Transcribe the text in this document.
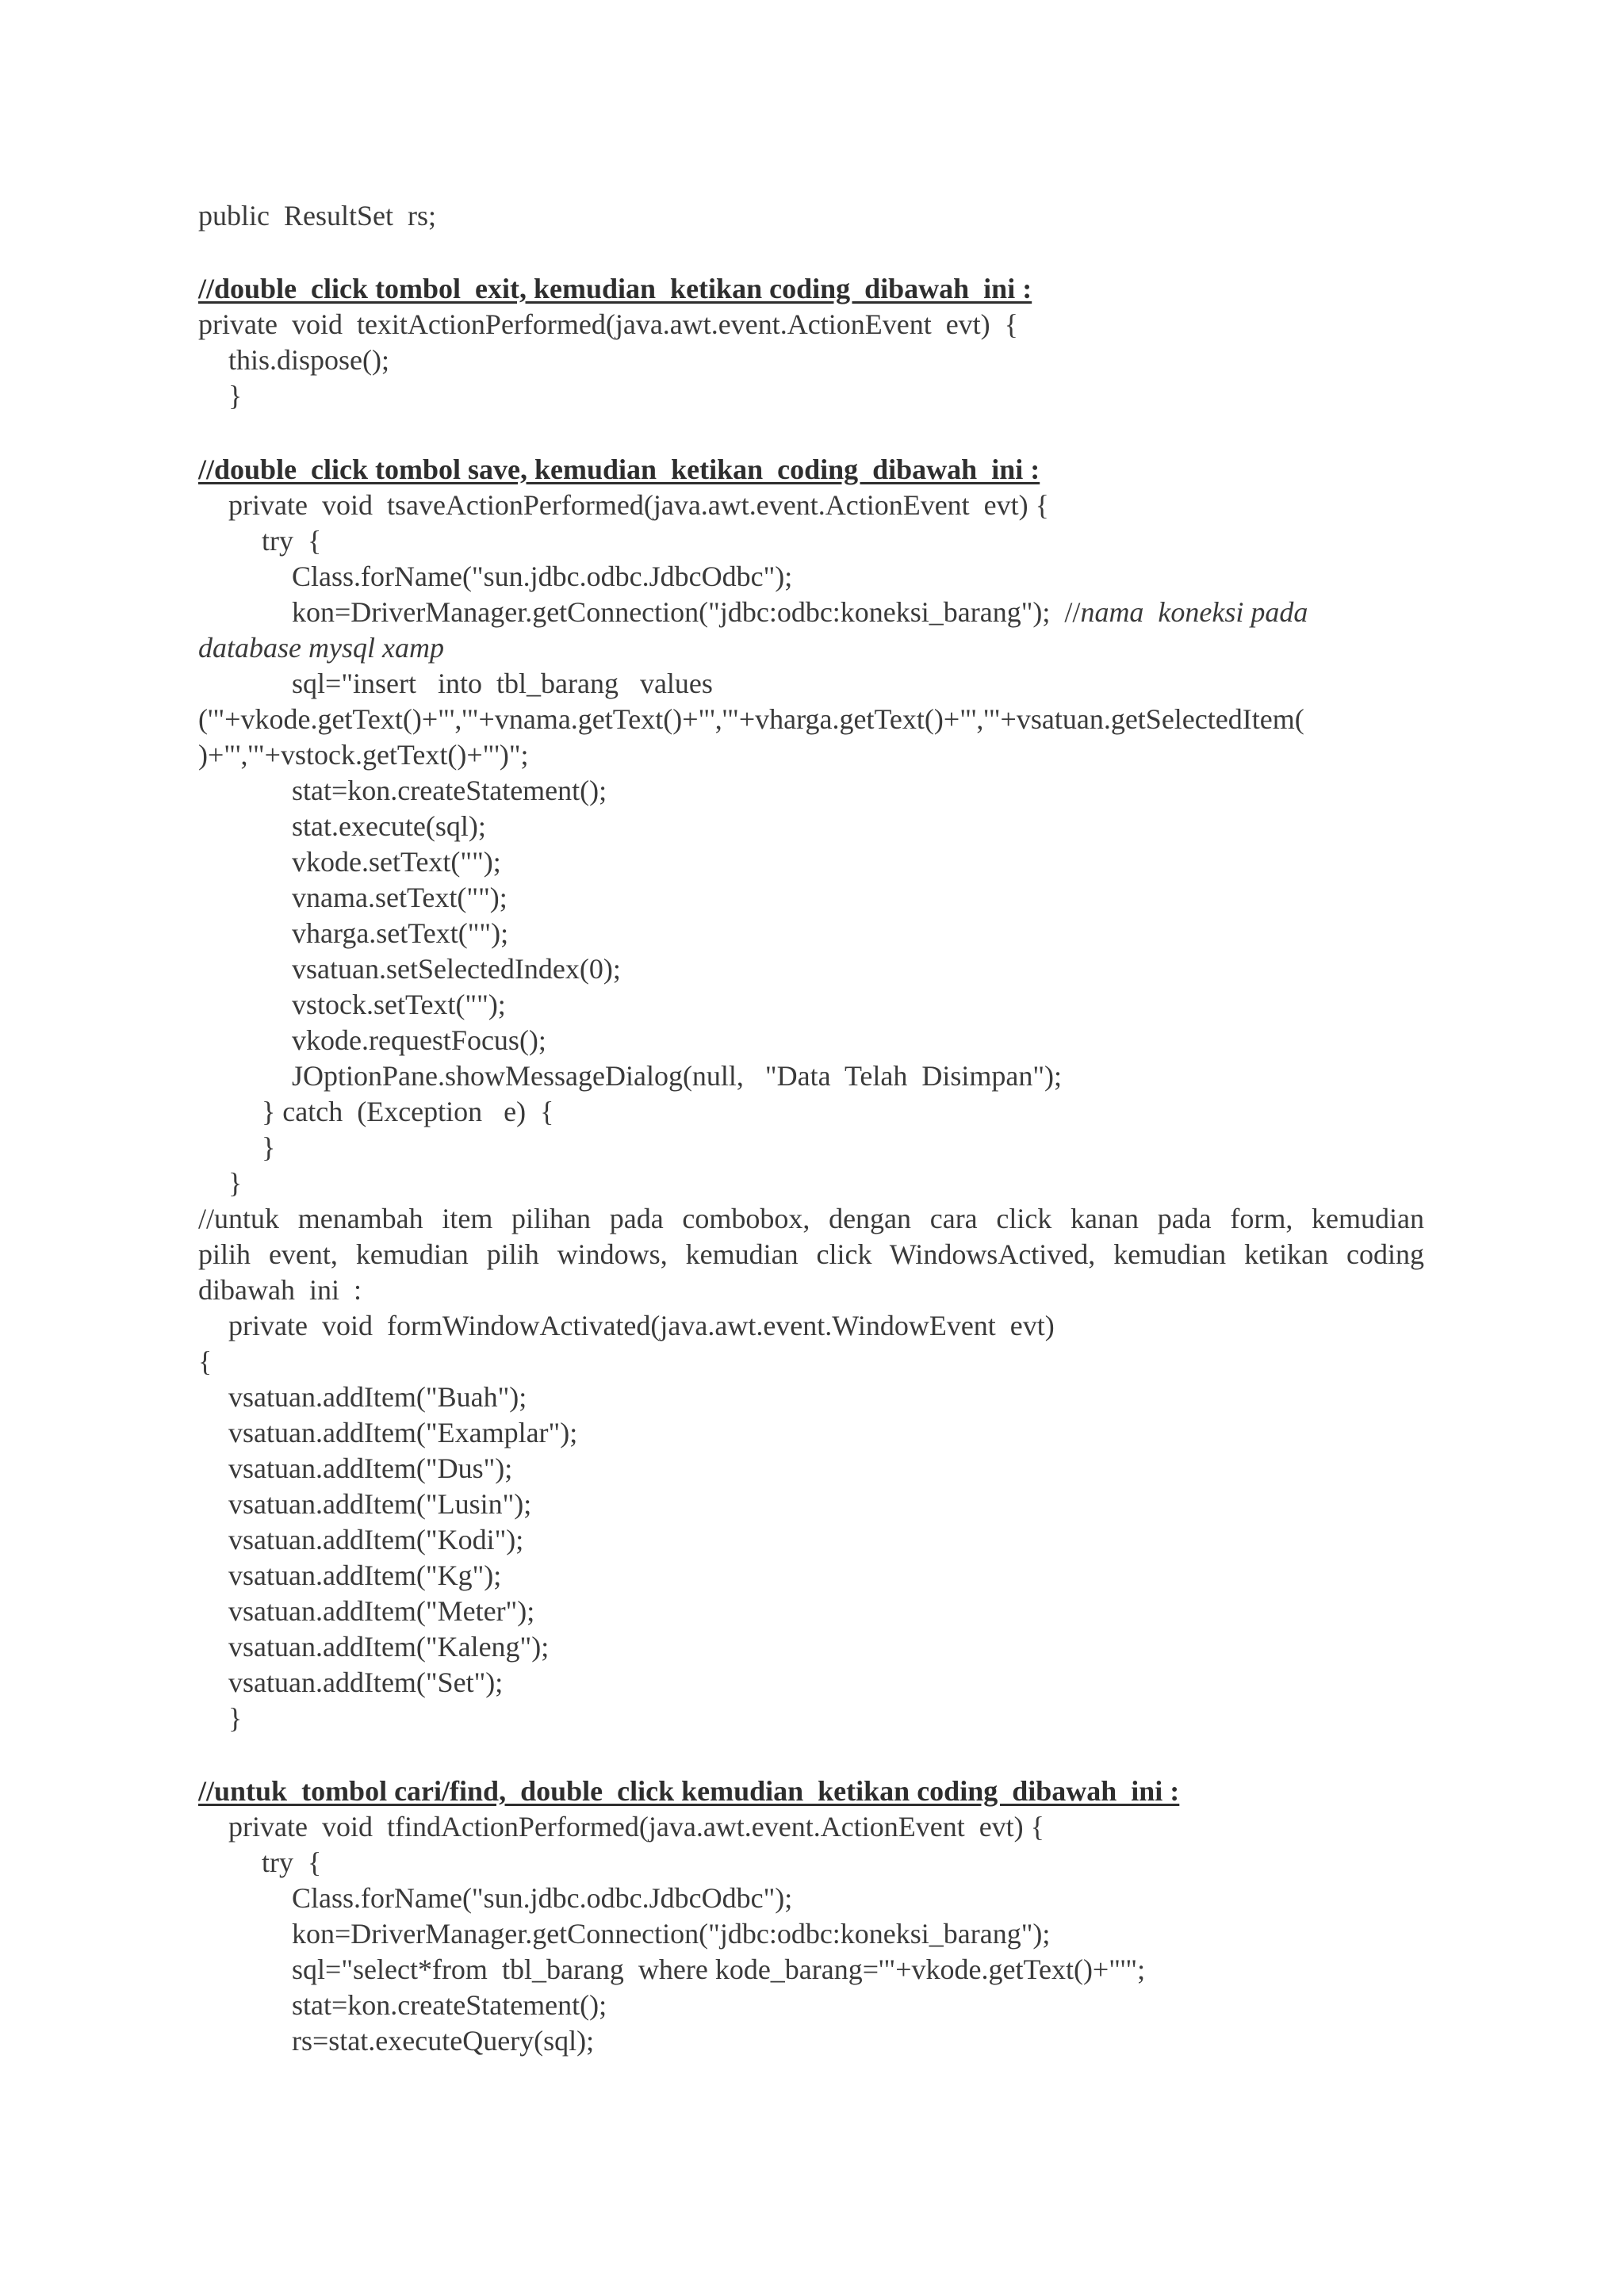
public  ResultSet  rs;
//double  click tombol  exit, kemudian  ketikan coding  dibawah  ini :
private  void  texitActionPerformed(java.awt.event.ActionEvent  evt)  {
this.dispose();
}
//double  click tombol save, kemudian  ketikan  coding  dibawah  ini :
private  void  tsaveActionPerformed(java.awt.event.ActionEvent  evt) {
try  {
Class.forName("sun.jdbc.odbc.JdbcOdbc");
kon=DriverManager.getConnection("jdbc:odbc:koneksi_barang");  //nama  koneksi pada
database mysql xamp
sql="insert   into  tbl_barang   values
('"+vkode.getText()+"','"+vnama.getText()+"','"+vharga.getText()+"','"+vsatuan.getSelectedItem(
)+"','"+vstock.getText()+"')";
stat=kon.createStatement();
stat.execute(sql);
vkode.setText("");
vnama.setText("");
vharga.setText("");
vsatuan.setSelectedIndex(0);
vstock.setText("");
vkode.requestFocus();
JOptionPane.showMessageDialog(null,   "Data  Telah  Disimpan");
} catch  (Exception   e)  {
}
}
//untuk menambah item pilihan pada combobox, dengan cara click kanan pada form, kemudian
pilih event, kemudian pilih windows, kemudian click WindowsActived, kemudian ketikan coding
dibawah  ini  :
private  void  formWindowActivated(java.awt.event.WindowEvent  evt)
{
vsatuan.addItem("Buah");
vsatuan.addItem("Examplar");
vsatuan.addItem("Dus");
vsatuan.addItem("Lusin");
vsatuan.addItem("Kodi");
vsatuan.addItem("Kg");
vsatuan.addItem("Meter");
vsatuan.addItem("Kaleng");
vsatuan.addItem("Set");
}
//untuk  tombol cari/find,  double  click kemudian  ketikan coding  dibawah  ini :
private  void  tfindActionPerformed(java.awt.event.ActionEvent  evt) {
try  {
Class.forName("sun.jdbc.odbc.JdbcOdbc");
kon=DriverManager.getConnection("jdbc:odbc:koneksi_barang");
sql="select*from  tbl_barang  where kode_barang='"+vkode.getText()+"'";
stat=kon.createStatement();
rs=stat.executeQuery(sql);
